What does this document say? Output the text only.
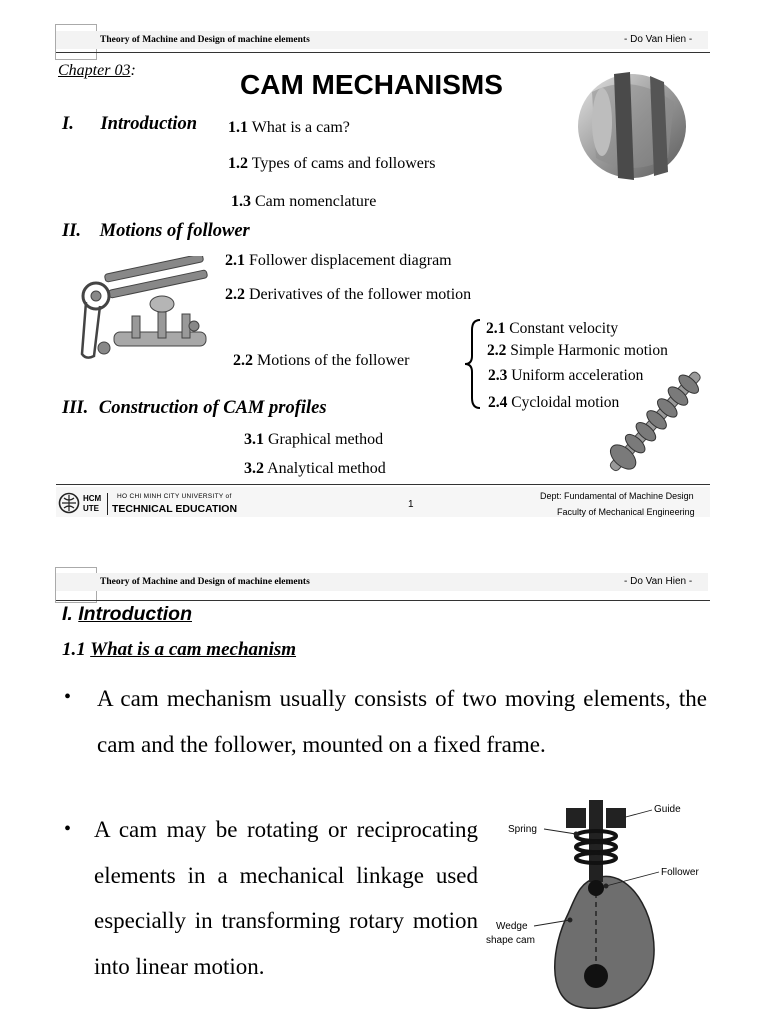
Theory of Machine and Design of machine elements	- Do Van Hien -
Chapter 03:	CAM MECHANISMS
I. Introduction 1.1 What is a cam?
1.2 Types of cams and followers
1.3 Cam nomenclature
II. Motions of follower
2.1 Follower displacement diagram
2.2 Derivatives of the follower motion
2.2 Motions of the follower
2.1 Constant velocity
2.2 Simple Harmonic motion
2.3 Uniform acceleration
2.4 Cycloidal motion
III. Construction of CAM profiles
3.1 Graphical method
3.2 Analytical method
HCM
UTE
HO CHI MINH CITY UNIVERSITY of
TECHNICAL EDUCATION	1
Dept: Fundamental of Machine Design
Faculty of Mechanical Engineering
Theory of Machine and Design of machine elements	- Do Van Hien -
I. Introduction
1.1 What is a cam mechanism
• A cam mechanism usually consists of two moving elements, the cam and the follower, mounted on a fixed frame.
• A cam may be rotating or reciprocating elements in a mechanical linkage used especially in transforming rotary motion into linear motion.
Guide
Spring
Follower
Wedge
shape cam
